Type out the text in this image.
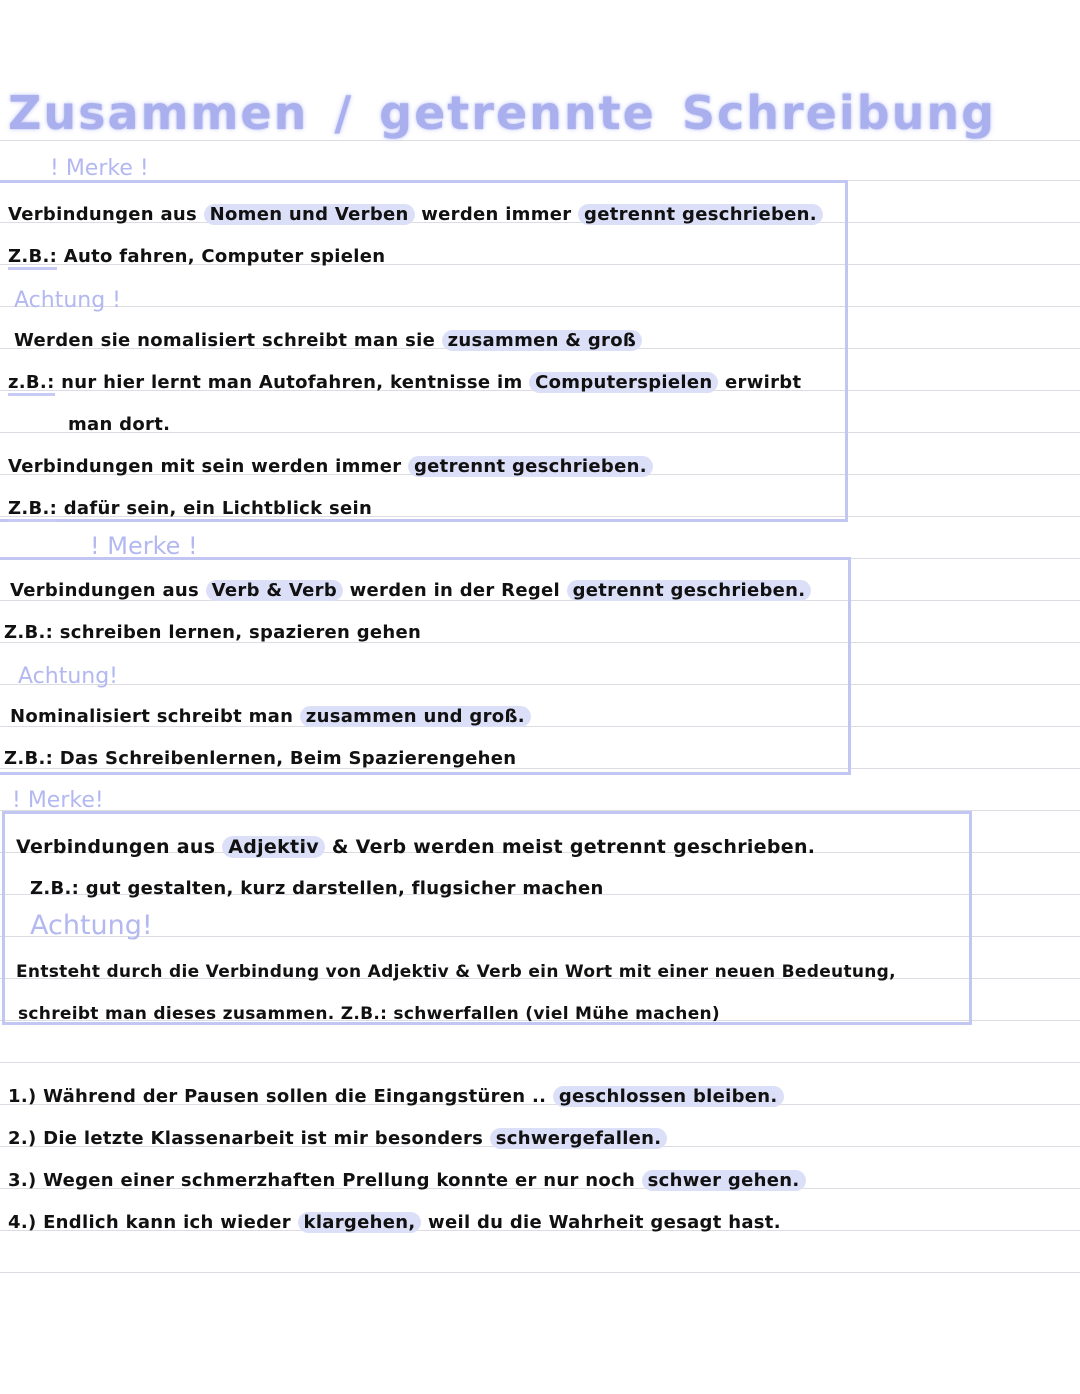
Zusammen / getrennte Schreibung
! Merke !
Verbindungen aus Nomen und Verben werden immer getrennt geschrieben.
Z.B.: Auto fahren, Computer spielen
Achtung !
Werden sie nomalisiert schreibt man sie zusammen & groß
z.B.: nur hier lernt man Autofahren, kentnisse im Computerspielen erwirbt
man dort.
Verbindungen mit sein werden immer getrennt geschrieben.
Z.B.: dafür sein, ein Lichtblick sein
! Merke !
Verbindungen aus Verb & Verb werden in der Regel getrennt geschrieben.
Z.B.: schreiben lernen, spazieren gehen
Achtung!
Nominalisiert schreibt man zusammen und groß.
Z.B.: Das Schreibenlernen, Beim Spazierengehen
! Merke!
Verbindungen aus Adjektiv & Verb werden meist getrennt geschrieben.
Z.B.: gut gestalten, kurz darstellen, flugsicher machen
Achtung!
Entsteht durch die Verbindung von Adjektiv & Verb ein Wort mit einer neuen Bedeutung,
schreibt man dieses zusammen. Z.B.: schwerfallen (viel Mühe machen)
1.) Während der Pausen sollen die Eingangstüren .. geschlossen bleiben.
2.) Die letzte Klassenarbeit ist mir besonders schwergefallen.
3.) Wegen einer schmerzhaften Prellung konnte er nur noch schwer gehen.
4.) Endlich kann ich wieder klargehen, weil du die Wahrheit gesagt hast.
